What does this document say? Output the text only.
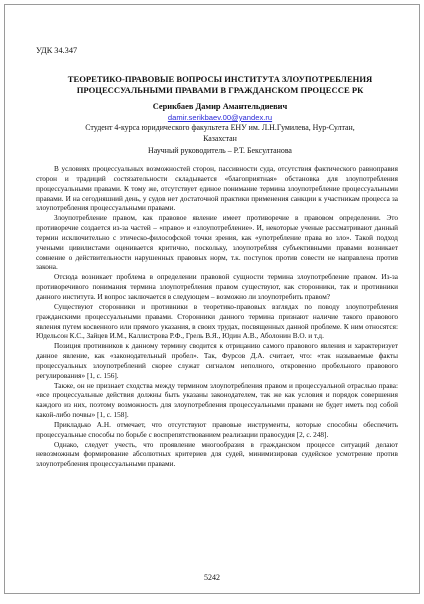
УДК 34.347
ТЕОРЕТИКО-ПРАВОВЫЕ ВОПРОСЫ ИНСТИТУТА ЗЛОУПОТРЕБЛЕНИЯ ПРОЦЕССУАЛЬНЫМИ ПРАВАМИ В ГРАЖДАНСКОМ ПРОЦЕССЕ РК
Серикбаев Дамир Амантельдиевич
damir.serikbaev.00@yandex.ru
Студент 4-курса юридического факультета ЕНУ им. Л.Н.Гумилева, Нур-Султан, Казахстан
Научный руководитель – Р.Т. Бексултанова

В условиях процессуальных возможностей сторон, пассивности суда, отсутствия фактического равноправия сторон и традиций состязательности складывается «благоприятная» обстановка для злоупотребления процессуальными правами. К тому же, отсутствует единое понимание термина злоупотребление процессуальными правами. И на сегодняшний день, у судов нет достаточной практики применения санкции к участникам процесса за злоупотребления процессуальными правами.

Злоупотребление правом, как правовое явление имеет противоречие в правовом определении. Это противоречие создается из-за частей – «право» и «злоупотребление». И, некоторые ученые рассматривают данный термин исключительно с этическо-философской точки зрения, как «употребление права во зло». Такой подход учеными цивилистами оценивается критично, поскольку, злоупотребляя субъективными правами возникает сомнение о действительности нарушенных правовых норм, т.к. поступок против совести не направлена против закона.

Отсюда возникает проблема в определении правовой сущности термина злоупотребление правом. Из-за противоречивого понимания термина злоупотребления правом существуют, как сторонники, так и противники данного института. И вопрос заключается в следующем – возможно ли злоупотребить правом?

Существуют сторонники и противники в теоретико-правовых взглядах по поводу злоупотребления гражданскими процессуальными правами. Сторонники данного термина признают наличие такого правового явления путем косвенного или прямого указания, в своих трудах, посвященных данной проблеме. К ним относятся: Юдельсон К.С., Зайцев И.М., Каллистрова Р.Ф., Грель В.Я., Юдин А.В., Аболонин В.О. и т.д.

Позиция противников к данному термину сводится к отрицанию самого правового явления и характеризует данное явление, как «законодательный пробел». Так, Фурсов Д.А. считает, что: «так называемые факты процессуальных злоупотреблений скорее служат сигналом неполного, откровенно пробельного правового регулирования» [1, с. 156].

Также, он не признает сходства между термином злоупотребления правом и процессуальной отраслью права: «все процессуальные действия должны быть указаны законодателем, так же как условия и порядок совершения каждого из них, поэтому возможность для злоупотребления процессуальными правами не будет иметь под собой какой-либо почвы» [1, с. 158].

Прикладько А.Н. отмечает, что отсутствуют правовые инструменты, которые способны обеспечить процессуальные способы по борьбе с воспрепятствованием реализации правосудия [2, с. 248].

Однако, следует учесть, что проявление многообразия в гражданском процессе ситуаций делают невозможным формирование абсолютных критериев для судей, минимизировав судейское усмотрение против злоупотребления процессуальными правами.

5242
